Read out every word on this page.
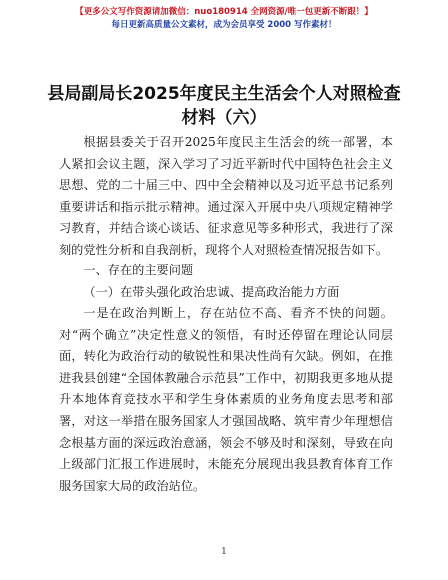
【更多公文写作资源请加微信：nuo180914 全网资源/唯一包更新不断跟！】
每日更新高质量公文素材，成为会员享受 2000 写作素材！
县局副局长2025年度民主生活会个人对照检查材料（六）

根据县委关于召开2025年度民主生活会的统一部署，本人紧扣会议主题，深入学习了习近平新时代中国特色社会主义思想、党的二十届三中、四中全会精神以及习近平总书记系列重要讲话和指示批示精神。通过深入开展中央八项规定精神学习教育，并结合谈心谈话、征求意见等多种形式，我进行了深刻的党性分析和自我剖析，现将个人对照检查情况报告如下。

一、存在的主要问题

（一）在带头强化政治忠诚、提高政治能力方面

一是在政治判断上，存在站位不高、看齐不快的问题。对“两个确立”决定性意义的领悟，有时还停留在理论认同层面，转化为政治行动的敏锐性和果决性尚有欠缺。例如，在推进我县创建“全国体教融合示范县”工作中，初期我更多地从提升本地体育竞技水平和学生身体素质的业务角度去思考和部署，对这一举措在服务国家人才强国战略、筑牢青少年理想信念根基方面的深远政治意涵，领会不够及时和深刻，导致在向上级部门汇报工作进展时，未能充分展现出我县教育体育工作服务国家大局的政治站位。

1
